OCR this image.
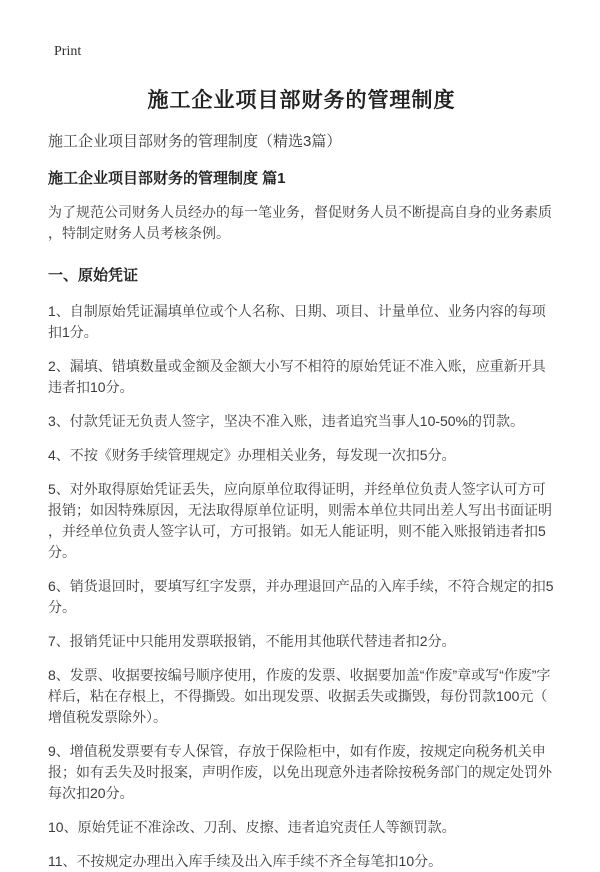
Print
施工企业项目部财务的管理制度
施工企业项目部财务的管理制度（精选3篇）
施工企业项目部财务的管理制度 篇1

为了规范公司财务人员经办的每一笔业务，督促财务人员不断提高自身的业务素质，特制定财务人员考核条例。

一、原始凭证
1、自制原始凭证漏填单位或个人名称、日期、项目、计量单位、业务内容的每项扣1分。
2、漏填、错填数量或金额及金额大小写不相符的原始凭证不准入账，应重新开具违者扣10分。
3、付款凭证无负责人签字，坚决不准入账，违者追究当事人10-50%的罚款。
4、不按《财务手续管理规定》办理相关业务，每发现一次扣5分。
5、对外取得原始凭证丢失，应向原单位取得证明，并经单位负责人签字认可方可报销；如因特殊原因，无法取得原单位证明，则需本单位共同出差人写出书面证明，并经单位负责人签字认可，方可报销。如无人能证明，则不能入账报销违者扣5分。
6、销货退回时，要填写红字发票，并办理退回产品的入库手续，不符合规定的扣5分。
7、报销凭证中只能用发票联报销，不能用其他联代替违者扣2分。
8、发票、收据要按编号顺序使用，作废的发票、收据要加盖“作废”章或写“作废”字样后，粘在存根上，不得撕毁。如出现发票、收据丢失或撕毁，每份罚款100元（增值税发票除外）。
9、增值税发票要有专人保管，存放于保险柜中，如有作废，按规定向税务机关申报；如有丢失及时报案，声明作废，以免出现意外违者除按税务部门的规定处罚外每次扣20分。
10、原始凭证不准涂改、刀刮、皮擦、违者追究责任人等额罚款。
11、不按规定办理出入库手续及出入库手续不齐全每笔扣10分。
